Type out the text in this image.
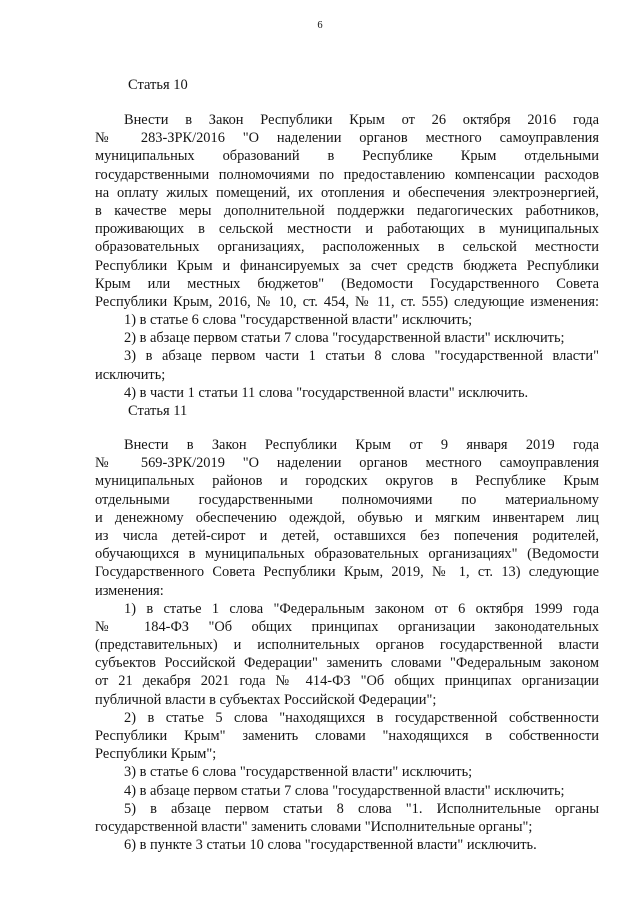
6
Статья 10
Внести в Закон Республики Крым от 26 октября 2016 года
№ 283-ЗРК/2016 "О наделении органов местного самоуправления
муниципальных образований в Республике Крым отдельными
государственными полномочиями по предоставлению компенсации расходов
на оплату жилых помещений, их отопления и обеспечения электроэнергией,
в качестве меры дополнительной поддержки педагогических работников,
проживающих в сельской местности и работающих в муниципальных
образовательных организациях, расположенных в сельской местности
Республики Крым и финансируемых за счет средств бюджета Республики
Крым или местных бюджетов" (Ведомости Государственного Совета
Республики Крым, 2016, № 10, ст. 454, № 11, ст. 555) следующие изменения:
1) в статье 6 слова "государственной власти" исключить;
2) в абзаце первом статьи 7 слова "государственной власти" исключить;
3) в абзаце первом части 1 статьи 8 слова "государственной власти"
исключить;
4) в части 1 статьи 11 слова "государственной власти" исключить.
Статья 11
Внести в Закон Республики Крым от 9 января 2019 года
№ 569-ЗРК/2019 "О наделении органов местного самоуправления
муниципальных районов и городских округов в Республике Крым
отдельными государственными полномочиями по материальному
и денежному обеспечению одеждой, обувью и мягким инвентарем лиц
из числа детей-сирот и детей, оставшихся без попечения родителей,
обучающихся в муниципальных образовательных организациях" (Ведомости
Государственного Совета Республики Крым, 2019, № 1, ст. 13) следующие
изменения:
1) в статье 1 слова "Федеральным законом от 6 октября 1999 года
№ 184-ФЗ "Об общих принципах организации законодательных
(представительных) и исполнительных органов государственной власти
субъектов Российской Федерации" заменить словами "Федеральным законом
от 21 декабря 2021 года № 414-ФЗ "Об общих принципах организации
публичной власти в субъектах Российской Федерации";
2) в статье 5 слова "находящихся в государственной собственности
Республики Крым" заменить словами "находящихся в собственности
Республики Крым";
3) в статье 6 слова "государственной власти" исключить;
4) в абзаце первом статьи 7 слова "государственной власти" исключить;
5) в абзаце первом статьи 8 слова "1. Исполнительные органы
государственной власти" заменить словами "Исполнительные органы";
6) в пункте 3 статьи 10 слова "государственной власти" исключить.
